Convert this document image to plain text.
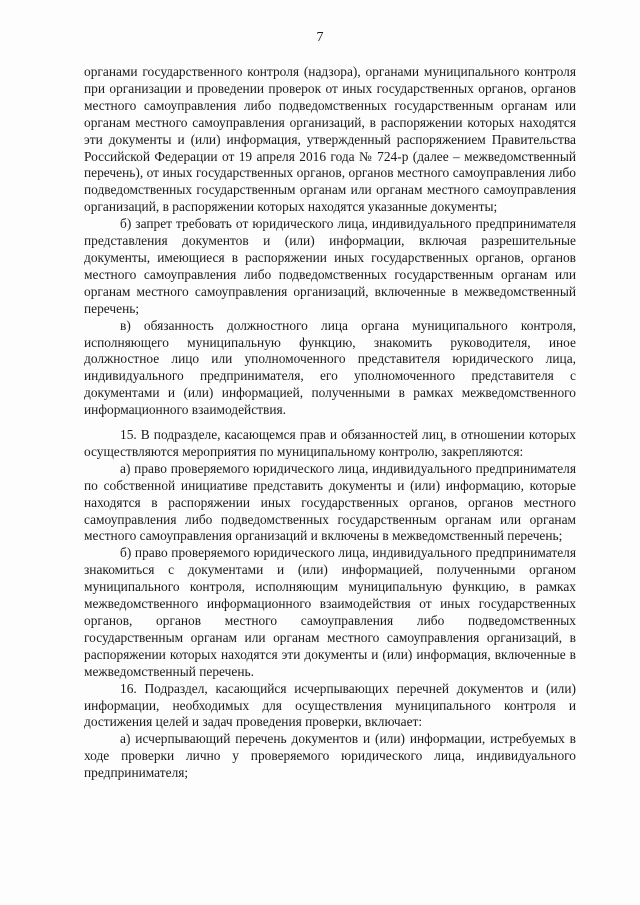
7

органами государственного контроля (надзора), органами муниципального контроля при организации и проведении проверок от иных государственных органов, органов местного самоуправления либо подведомственных государственным органам или органам местного самоуправления организаций, в распоряжении которых находятся эти документы и (или) информация, утвержденный распоряжением Правительства Российской Федерации от 19 апреля 2016 года № 724-р (далее – межведомственный перечень), от иных государственных органов, органов местного самоуправления либо подведомственных государственным органам или органам местного самоуправления организаций, в распоряжении которых находятся указанные документы;

б) запрет требовать от юридического лица, индивидуального предпринимателя представления документов и (или) информации, включая разрешительные документы, имеющиеся в распоряжении иных государственных органов, органов местного самоуправления либо подведомственных государственным органам или органам местного самоуправления организаций, включенные в межведомственный перечень;

в) обязанность должностного лица органа муниципального контроля, исполняющего муниципальную функцию, знакомить руководителя, иное должностное лицо или уполномоченного представителя юридического лица, индивидуального предпринимателя, его уполномоченного представителя с документами и (или) информацией, полученными в рамках межведомственного информационного взаимодействия.

15. В подразделе, касающемся прав и обязанностей лиц, в отношении которых осуществляются мероприятия по муниципальному контролю, закрепляются:

а) право проверяемого юридического лица, индивидуального предпринимателя по собственной инициативе представить документы и (или) информацию, которые находятся в распоряжении иных государственных органов, органов местного самоуправления либо подведомственных государственным органам или органам местного самоуправления организаций и включены в межведомственный перечень;

б) право проверяемого юридического лица, индивидуального предпринимателя знакомиться с документами и (или) информацией, полученными органом муниципального контроля, исполняющим муниципальную функцию, в рамках межведомственного информационного взаимодействия от иных государственных органов, органов местного самоуправления либо подведомственных государственным органам или органам местного самоуправления организаций, в распоряжении которых находятся эти документы и (или) информация, включенные в межведомственный перечень.

16. Подраздел, касающийся исчерпывающих перечней документов и (или) информации, необходимых для осуществления муниципального контроля и достижения целей и задач проведения проверки, включает:

а) исчерпывающий перечень документов и (или) информации, истребуемых в ходе проверки лично у проверяемого юридического лица, индивидуального предпринимателя;
